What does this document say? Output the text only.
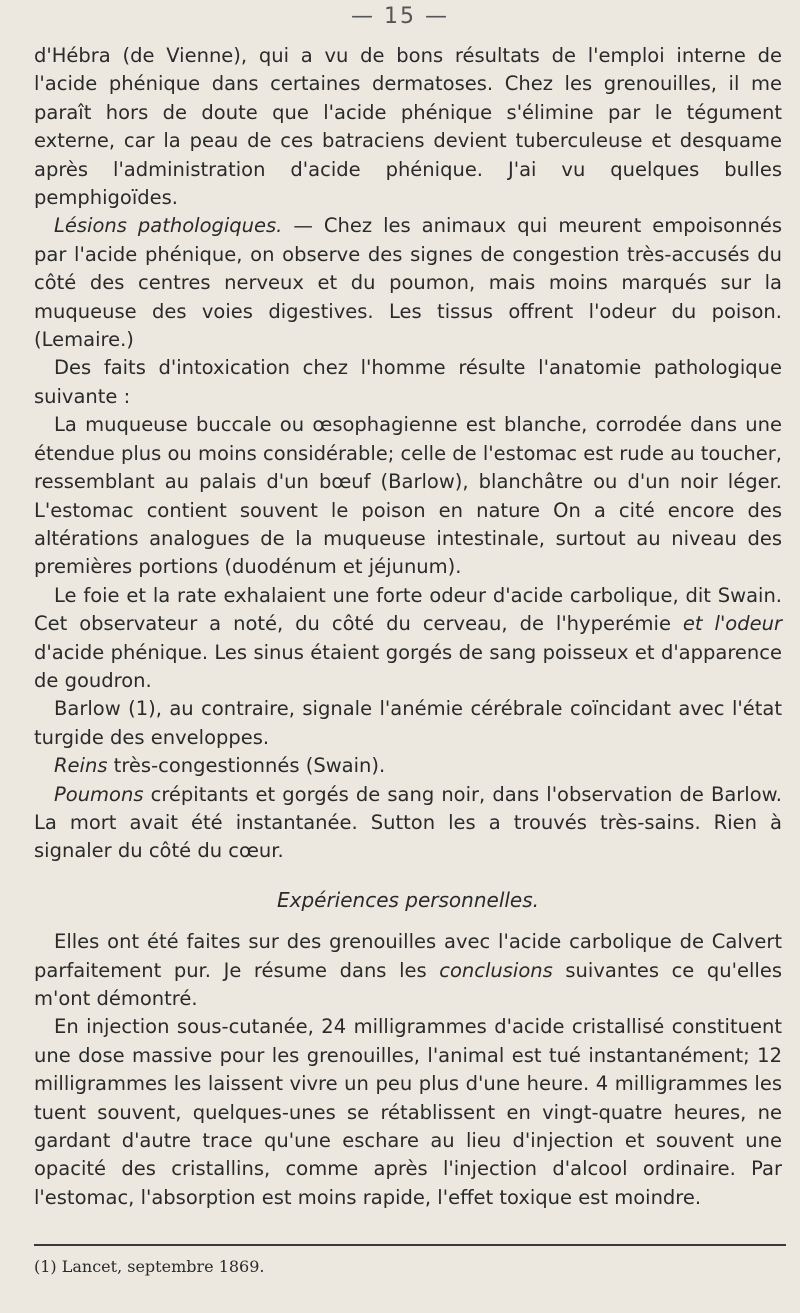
— 15 —

d'Hébra (de Vienne), qui a vu de bons résultats de l'emploi interne de l'acide phénique dans certaines dermatoses. Chez les grenouilles, il me paraît hors de doute que l'acide phénique s'élimine par le tégument externe, car la peau de ces batraciens devient tuberculeuse et desquame après l'administration d'acide phénique. J'ai vu quelques bulles pemphigoïdes.

Lésions pathologiques. — Chez les animaux qui meurent empoisonnés par l'acide phénique, on observe des signes de congestion très-accusés du côté des centres nerveux et du poumon, mais moins marqués sur la muqueuse des voies digestives. Les tissus offrent l'odeur du poison. (Lemaire.)

Des faits d'intoxication chez l'homme résulte l'anatomie pathologique suivante :

La muqueuse buccale ou œsophagienne est blanche, corrodée dans une étendue plus ou moins considérable; celle de l'estomac est rude au toucher, ressemblant au palais d'un bœuf (Barlow), blanchâtre ou d'un noir léger. L'estomac contient souvent le poison en nature On a cité encore des altérations analogues de la muqueuse intestinale, surtout au niveau des premières portions (duodénum et jéjunum).

Le foie et la rate exhalaient une forte odeur d'acide carbolique, dit Swain. Cet observateur a noté, du côté du cerveau, de l'hyperémie et l'odeur d'acide phénique. Les sinus étaient gorgés de sang poisseux et d'apparence de goudron.

Barlow (1), au contraire, signale l'anémie cérébrale coïncidant avec l'état turgide des enveloppes.

Reins très-congestionnés (Swain).

Poumons crépitants et gorgés de sang noir, dans l'observation de Barlow. La mort avait été instantanée. Sutton les a trouvés très-sains. Rien à signaler du côté du cœur.

Expériences personnelles.

Elles ont été faites sur des grenouilles avec l'acide carbolique de Calvert parfaitement pur. Je résume dans les conclusions suivantes ce qu'elles m'ont démontré.

En injection sous-cutanée, 24 milligrammes d'acide cristallisé constituent une dose massive pour les grenouilles, l'animal est tué instantanément; 12 milligrammes les laissent vivre un peu plus d'une heure. 4 milligrammes les tuent souvent, quelques-unes se rétablissent en vingt-quatre heures, ne gardant d'autre trace qu'une eschare au lieu d'injection et souvent une opacité des cristallins, comme après l'injection d'alcool ordinaire. Par l'estomac, l'absorption est moins rapide, l'effet toxique est moindre.

(1) Lancet, septembre 1869.
